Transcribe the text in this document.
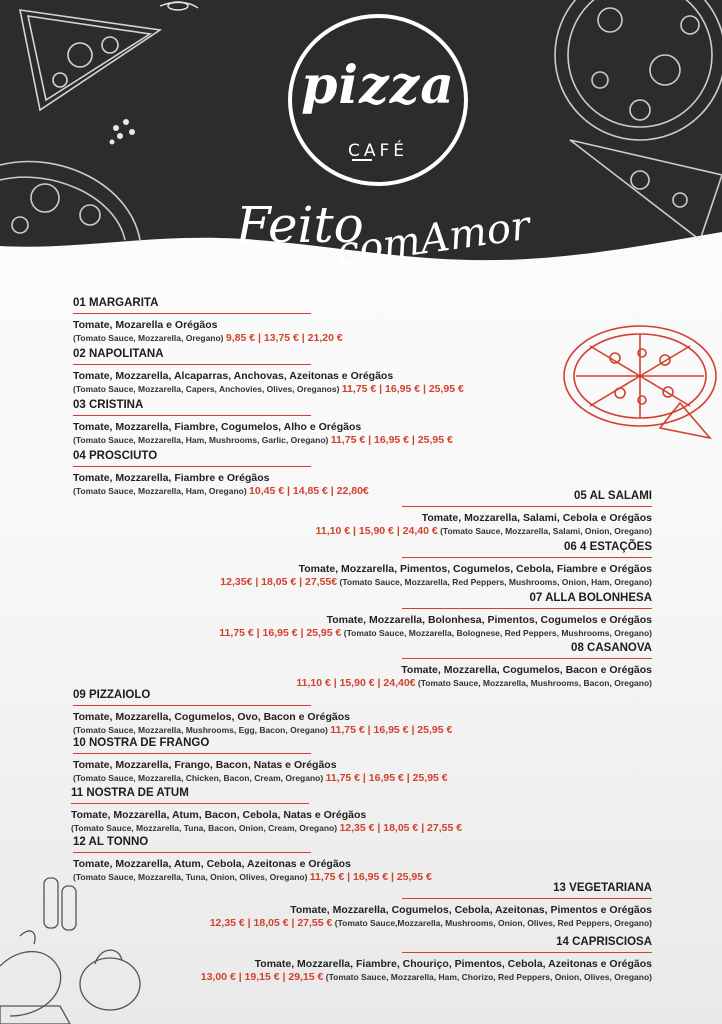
pizza
CAFÉ
Feito
comAmor
01 MARGARITA
Tomate, Mozarella e Orégãos
(Tomato Sauce, Mozzarella, Oregano) 9,85 € | 13,75 € | 21,20 €
02 NAPOLITANA
Tomate, Mozzarella, Alcaparras, Anchovas, Azeitonas e Orégãos
(Tomato Sauce, Mozzarella, Capers, Anchovies, Olives, Oreganos) 11,75 € | 16,95 € | 25,95 €
03 CRISTINA
Tomate, Mozzarella, Fiambre, Cogumelos, Alho e Orégãos
(Tomato Sauce, Mozzarella, Ham, Mushrooms, Garlic, Oregano) 11,75 € | 16,95 € | 25,95 €
04 PROSCIUTO
Tomate, Mozzarella, Fiambre e Orégãos
(Tomato Sauce, Mozzarella, Ham, Oregano) 10,45 € | 14,85 € | 22,80€	05 AL SALAMI
Tomate, Mozzarella, Salami, Cebola e Orégãos
11,10 € | 15,90 € | 24,40 € (Tomato Sauce, Mozzarella, Salami, Onion, Oregano)
06 4 ESTAÇÕES
Tomate, Mozzarella, Pimentos, Cogumelos, Cebola, Fiambre e Orégãos
12,35€ | 18,05 € | 27,55€ (Tomato Sauce, Mozzarella, Red Peppers, Mushrooms, Onion, Ham, Oregano)
07 ALLA BOLONHESA
Tomate, Mozzarella, Bolonhesa, Pimentos, Cogumelos e Orégãos
11,75 € | 16,95 € | 25,95 € (Tomato Sauce, Mozzarella, Bolognese, Red Peppers, Mushrooms, Oregano)
08 CASANOVA
Tomate, Mozzarella, Cogumelos, Bacon e Orégãos
11,10 € | 15,90 € | 24,40€ (Tomato Sauce, Mozzarella, Mushrooms, Bacon, Oregano)
09 PIZZAIOLO
Tomate, Mozzarella, Cogumelos, Ovo, Bacon e Orégãos
(Tomato Sauce, Mozzarella, Mushrooms, Egg, Bacon, Oregano) 11,75 € | 16,95 € | 25,95 €
10 NOSTRA DE FRANGO
Tomate, Mozzarella, Frango, Bacon, Natas e Orégãos
(Tomato Sauce, Mozzarella, Chicken, Bacon, Cream, Oregano) 11,75 € | 16,95 € | 25,95 €
11 NOSTRA DE ATUM
Tomate, Mozzarella, Atum, Bacon, Cebola, Natas e Orégãos
(Tomato Sauce, Mozzarella, Tuna, Bacon, Onion, Cream, Oregano) 12,35 € | 18,05 € | 27,55 €
12 AL TONNO
Tomate, Mozzarella, Atum, Cebola, Azeitonas e Orégãos
(Tomato Sauce, Mozzarella, Tuna, Onion, Olives, Oregano) 11,75 € | 16,95 € | 25,95 €
13 VEGETARIANA
Tomate, Mozzarella, Cogumelos, Cebola, Azeitonas, Pimentos e Orégãos
12,35 € | 18,05 € | 27,55 € (Tomato Sauce,Mozzarella, Mushrooms, Onion, Olives, Red Peppers, Oregano)
14 CAPRISCIOSA
Tomate, Mozzarella, Fiambre, Chouriço, Pimentos, Cebola, Azeitonas e Orégãos
13,00 € | 19,15 € | 29,15 € (Tomato Sauce, Mozzarella, Ham, Chorizo, Red Peppers, Onion, Olives, Oregano)
